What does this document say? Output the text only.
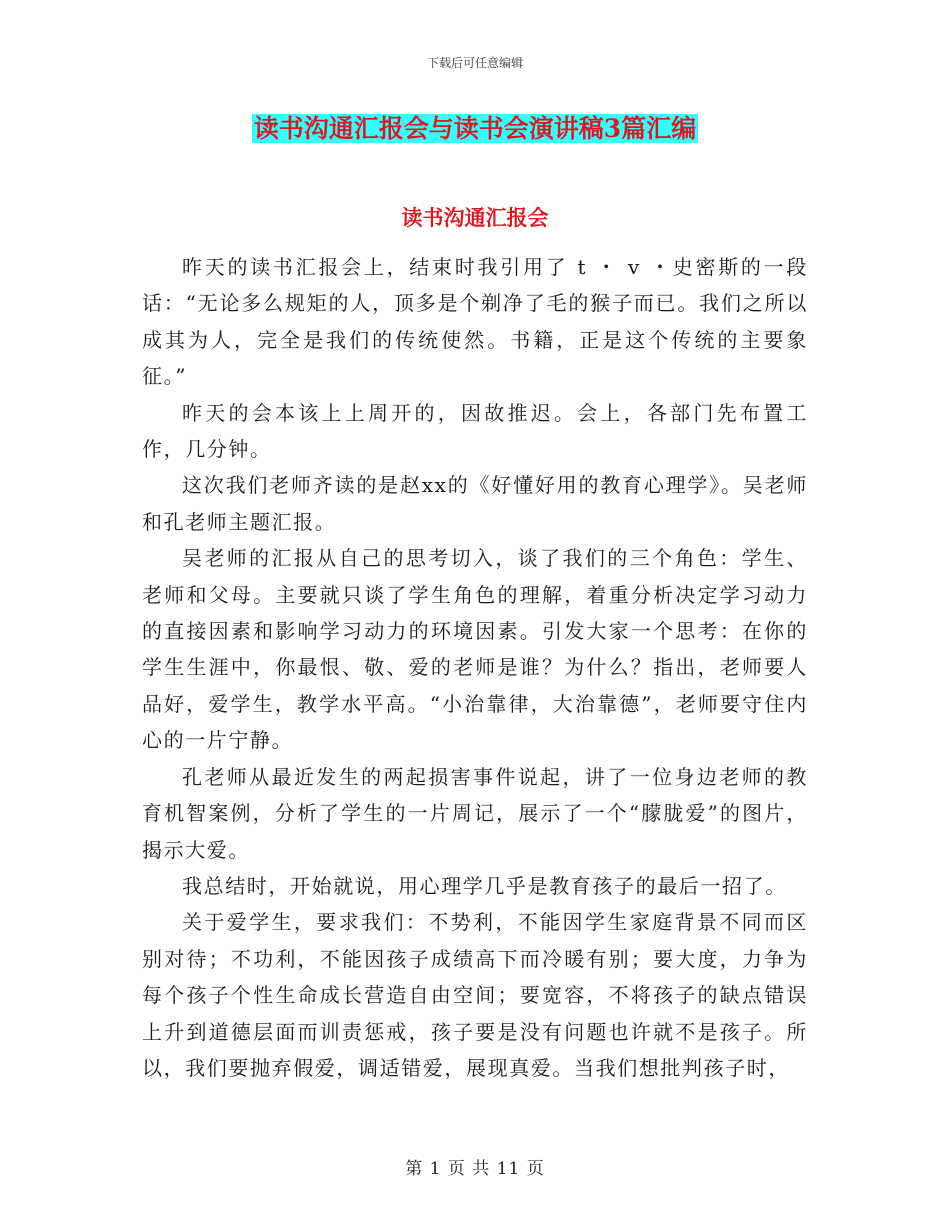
下载后可任意编辑
读书沟通汇报会与读书会演讲稿3篇汇编
读书沟通汇报会

昨天的读书汇报会上，结束时我引用了 t ・ v ・史密斯的一段话：“无论多么规矩的人，顶多是个剃净了毛的猴子而已。我们之所以成其为人，完全是我们的传统使然。书籍，正是这个传统的主要象征。”

昨天的会本该上上周开的，因故推迟。会上，各部门先布置工作，几分钟。

这次我们老师齐读的是赵xx的《好懂好用的教育心理学》。吴老师和孔老师主题汇报。

吴老师的汇报从自己的思考切入，谈了我们的三个角色：学生、老师和父母。主要就只谈了学生角色的理解，着重分析决定学习动力的直接因素和影响学习动力的环境因素。引发大家一个思考：在你的学生生涯中，你最恨、敬、爱的老师是谁？为什么？指出，老师要人品好，爱学生，教学水平高。“小治靠律，大治靠德”，老师要守住内心的一片宁静。

孔老师从最近发生的两起损害事件说起，讲了一位身边老师的教育机智案例，分析了学生的一片周记，展示了一个“朦胧爱”的图片，揭示大爱。

我总结时，开始就说，用心理学几乎是教育孩子的最后一招了。

关于爱学生，要求我们：不势利，不能因学生家庭背景不同而区别对待；不功利，不能因孩子成绩高下而冷暖有别；要大度，力争为每个孩子个性生命成长营造自由空间；要宽容，不将孩子的缺点错误上升到道德层面而训责惩戒，孩子要是没有问题也许就不是孩子。所以，我们要抛弃假爱，调适错爱，展现真爱。当我们想批判孩子时，

第 1 页 共 11 页
